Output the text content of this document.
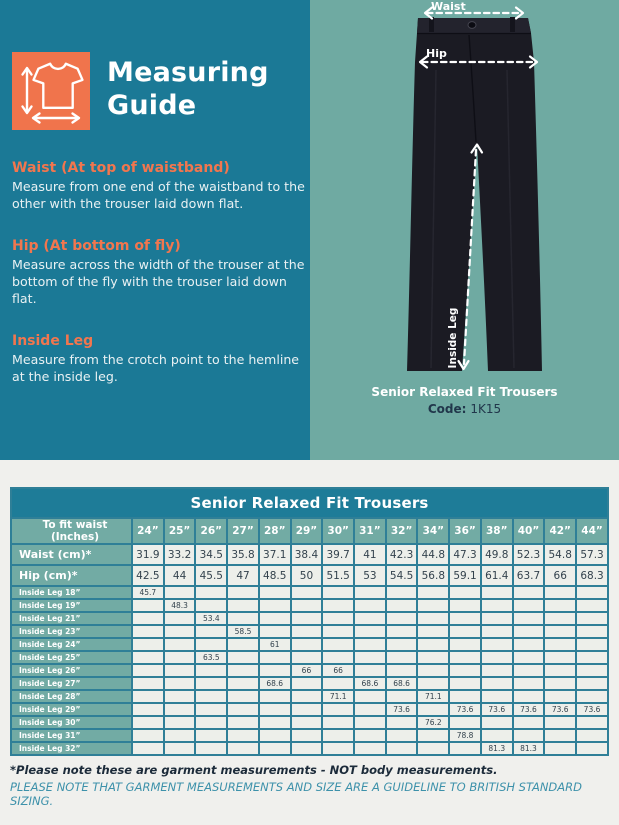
Measuring
Guide
Waist (At top of waistband)
Measure from one end of the waistband to the other with the trouser laid down flat.
Hip (At bottom of fly)
Measure across the width of the trouser at the bottom of the fly with the trouser laid down flat.
Inside Leg
Measure from the crotch point to the hemline at the inside leg.
Waist
Hip
Inside Leg
Senior Relaxed Fit Trousers
Code: 1K15
Senior Relaxed Fit Trousers															
To fit waist (Inches)	24”	25”	26”	27”	28”	29”	30”	31”	32”	34”	36”	38”	40”	42”	44”
Waist (cm)*	31.9	33.2	34.5	35.8	37.1	38.4	39.7	41	42.3	44.8	47.3	49.8	52.3	54.8	57.3
Hip (cm)*	42.5	44	45.5	47	48.5	50	51.5	53	54.5	56.8	59.1	61.4	63.7	66	68.3
Inside Leg 18”	45.7														
Inside Leg 19”		48.3													
Inside Leg 21”			53.4												
Inside Leg 23”				58.5											
Inside Leg 24”					61										
Inside Leg 25”			63.5												
Inside Leg 26”						66	66								
Inside Leg 27”					68.6			68.6	68.6						
Inside Leg 28”							71.1			71.1					
Inside Leg 29”									73.6		73.6	73.6	73.6	73.6	73.6
Inside Leg 30”										76.2					
Inside Leg 31”											78.8				
Inside Leg 32”												81.3	81.3		
*Please note these are garment measurements - NOT body measurements.
PLEASE NOTE THAT GARMENT MEASUREMENTS AND SIZE ARE A GUIDELINE TO BRITISH STANDARD SIZING.
